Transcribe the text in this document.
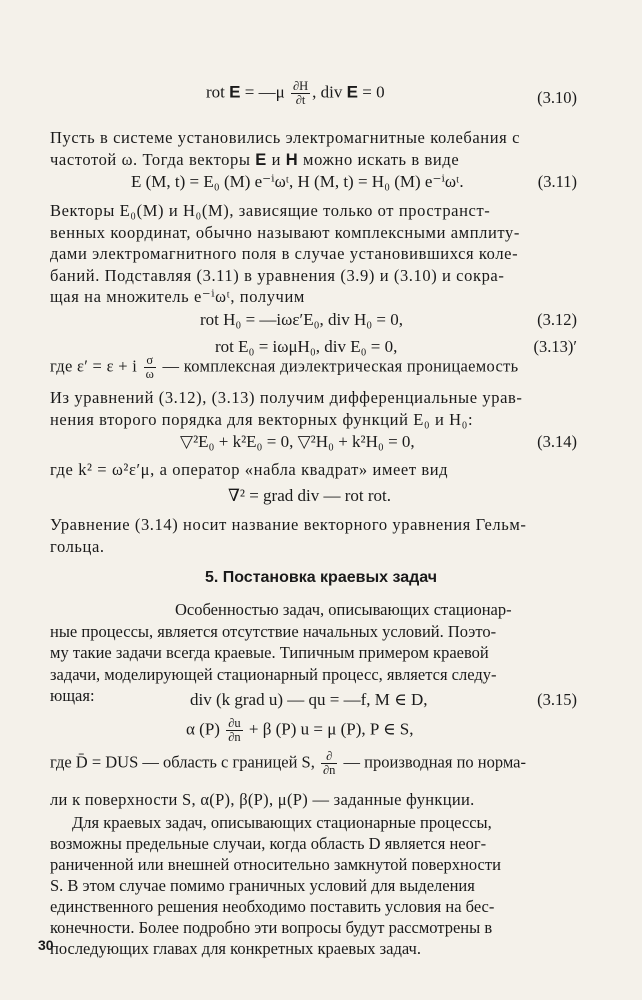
rot E = —μ $\frac{\partial H}{\partial t}$ , div E = 0	(3.10)

Пусть в системе установились электромагнитные колебания с

частотой ω. Тогда векторы E и H можно искать в виде

E (M, t) = E₀ (M) e⁻ⁱωᵗ, H (M, t) = H₀ (M) e⁻ⁱωᵗ.	(3.11)

Векторы E₀(M) и H₀(M), зависящие только от пространст-

венных координат, обычно называют комплексными амплиту-

дами электромагнитного поля в случае установившихся коле-

баний. Подставляя (3.11) в уравнения (3.9) и (3.10) и сокра-

щая на множитель e⁻ⁱωᵗ, получим

rot H₀ = —iωε′E₀, div H₀ = 0,	(3.12)
rot E₀ = iωμH₀, div E₀ = 0,	(3.13)′
где ε′ = ε + i $\frac{\sigma}{\omega}$ — комплексная диэлектрическая проницаемость

Из уравнений (3.12), (3.13) получим дифференциальные урав-

нения второго порядка для векторных функций E₀ и H₀:

▽²E₀ + k²E₀ = 0, ▽²H₀ + k²H₀ = 0,	(3.14)
где k² = ω²ε′μ, а оператор «набла квадрат» имеет вид
∇² = grad div — rot rot.

Уравнение (3.14) носит название векторного уравнения Гельм-

гольца.

5. Постановка краевых задач

Особенностью задач, описывающих стационар-

ные процессы, является отсутствие начальных условий. Поэто-

му такие задачи всегда краевые. Типичным примером краевой

задачи, моделирующей стационарный процесс, является следу-

ющая:	div (k grad u) — qu = —f, M ∈ D,	(3.15)
α $(P) \frac{\partial u}{\partial n} + \beta$ (P) u = μ (P), P ∈ S,
где D̄ = DUS — область с границей S, $\frac{\partial}{\partial n}$ — производная по норма-
ли к поверхности S, α(P), β(P), μ(P) — заданные функции.

Для краевых задач, описывающих стационарные процессы,

возможны предельные случаи, когда область D является неог-

раниченной или внешней относительно замкнутой поверхности

S. В этом случае помимо граничных условий для выделения

единственного решения необходимо поставить условия на бес-

конечности. Более подробно эти вопросы будут рассмотрены в

последующих главах для конкретных краевых задач.

30
